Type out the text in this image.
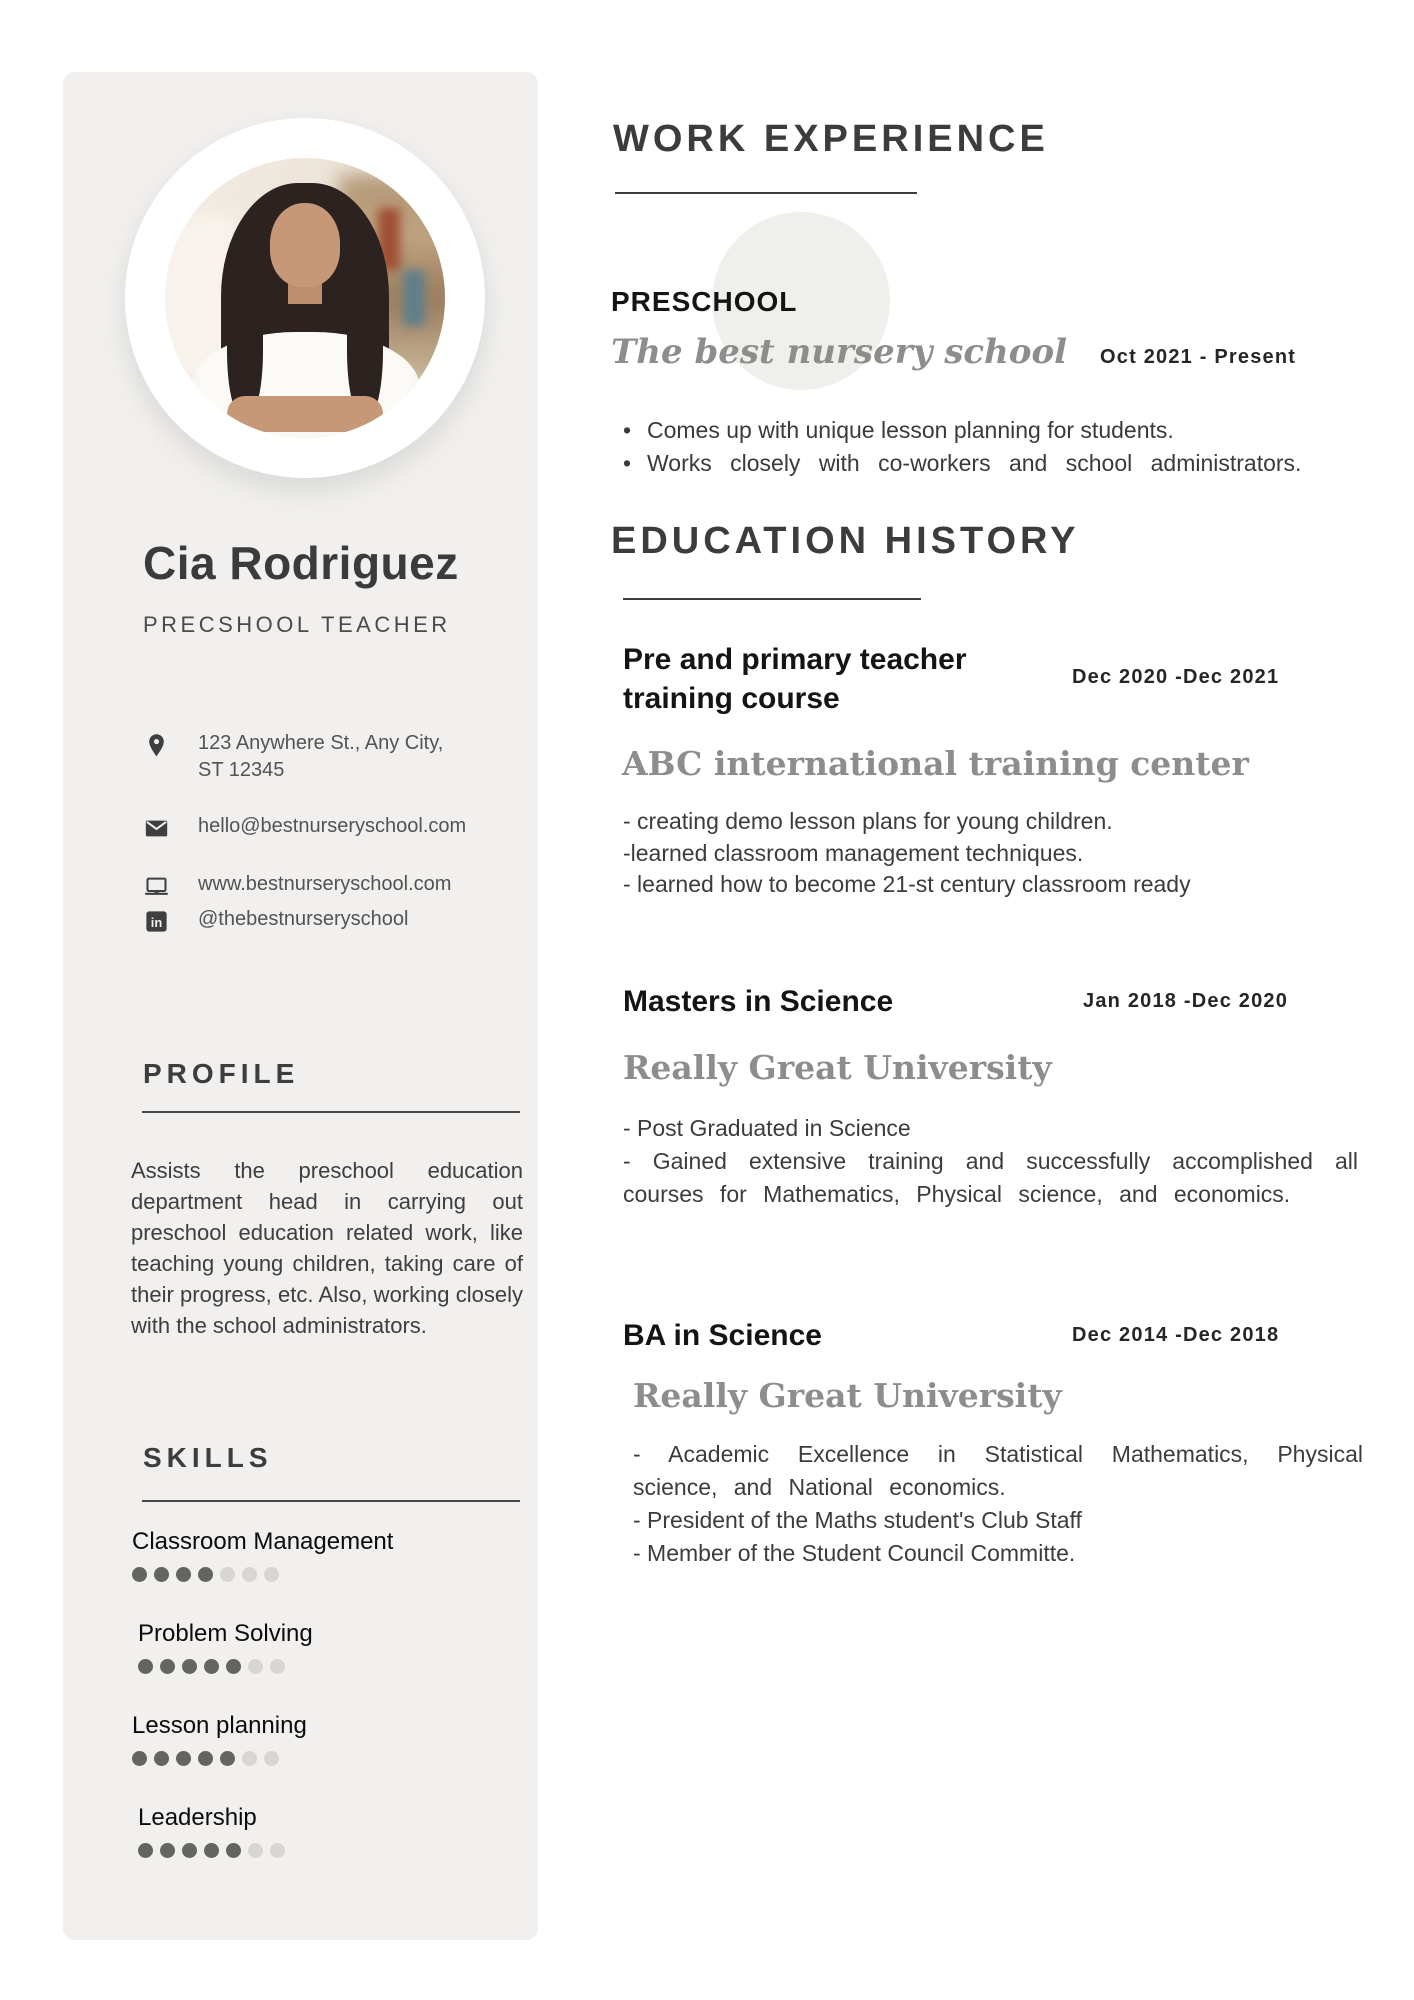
Cia Rodriguez
PRECSHOOL TEACHER
123 Anywhere St., Any City, ST 12345
hello@bestnurseryschool.com
www.bestnurseryschool.com
in @thebestnurseryschool
PROFILE

Assists the preschool education department head in carrying out preschool education related work, like teaching young children, taking care of their progress, etc. Also, working closely with the school administrators.

SKILLS
Classroom Management
Problem Solving
Lesson planning
Leadership
WORK EXPERIENCE
PRESCHOOL
The best nursery school Oct 2021 - Present
• Comes up with unique lesson planning for students.
• Works closely with co-workers and school administrators.
EDUCATION HISTORY
Pre and primary teacher training course
Dec 2020 -Dec 2021
ABC international training center
- creating demo lesson plans for young children.
-learned classroom management techniques.
- learned how to become 21-st century classroom ready
Masters in Science	Jan 2018 -Dec 2020
Really Great University
- Post Graduated in Science
- Gained extensive training and successfully accomplished all courses for Mathematics, Physical science, and economics.
BA in Science	Dec 2014 -Dec 2018
Really Great University
- Academic Excellence in Statistical Mathematics, Physical science, and National economics.
- President of the Maths student's Club Staff
- Member of the Student Council Committe.
